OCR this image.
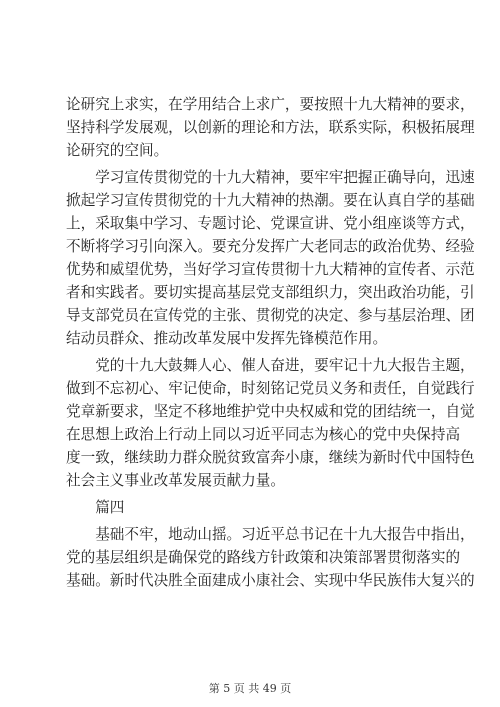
论研究上求实，在学用结合上求广，要按照十九大精神的要求，
坚持科学发展观，以创新的理论和方法，联系实际，积极拓展理
论研究的空间。
　　学习宣传贯彻党的十九大精神，要牢牢把握正确导向，迅速
掀起学习宣传贯彻党的十九大精神的热潮。要在认真自学的基础
上，采取集中学习、专题讨论、党课宣讲、党小组座谈等方式，
不断将学习引向深入。要充分发挥广大老同志的政治优势、经验
优势和威望优势，当好学习宣传贯彻十九大精神的宣传者、示范
者和实践者。要切实提高基层党支部组织力，突出政治功能，引
导支部党员在宣传党的主张、贯彻党的决定、参与基层治理、团
结动员群众、推动改革发展中发挥先锋模范作用。
　　党的十九大鼓舞人心、催人奋进，要牢记十九大报告主题，
做到不忘初心、牢记使命，时刻铭记党员义务和责任，自觉践行
党章新要求，坚定不移地维护党中央权威和党的团结统一，自觉
在思想上政治上行动上同以习近平同志为核心的党中央保持高
度一致，继续助力群众脱贫致富奔小康，继续为新时代中国特色
社会主义事业改革发展贡献力量。
　　篇四
　　基础不牢，地动山摇。习近平总书记在十九大报告中指出，
党的基层组织是确保党的路线方针政策和决策部署贯彻落实的
基础。新时代决胜全面建成小康社会、实现中华民族伟大复兴的
第 5 页 共 49 页
